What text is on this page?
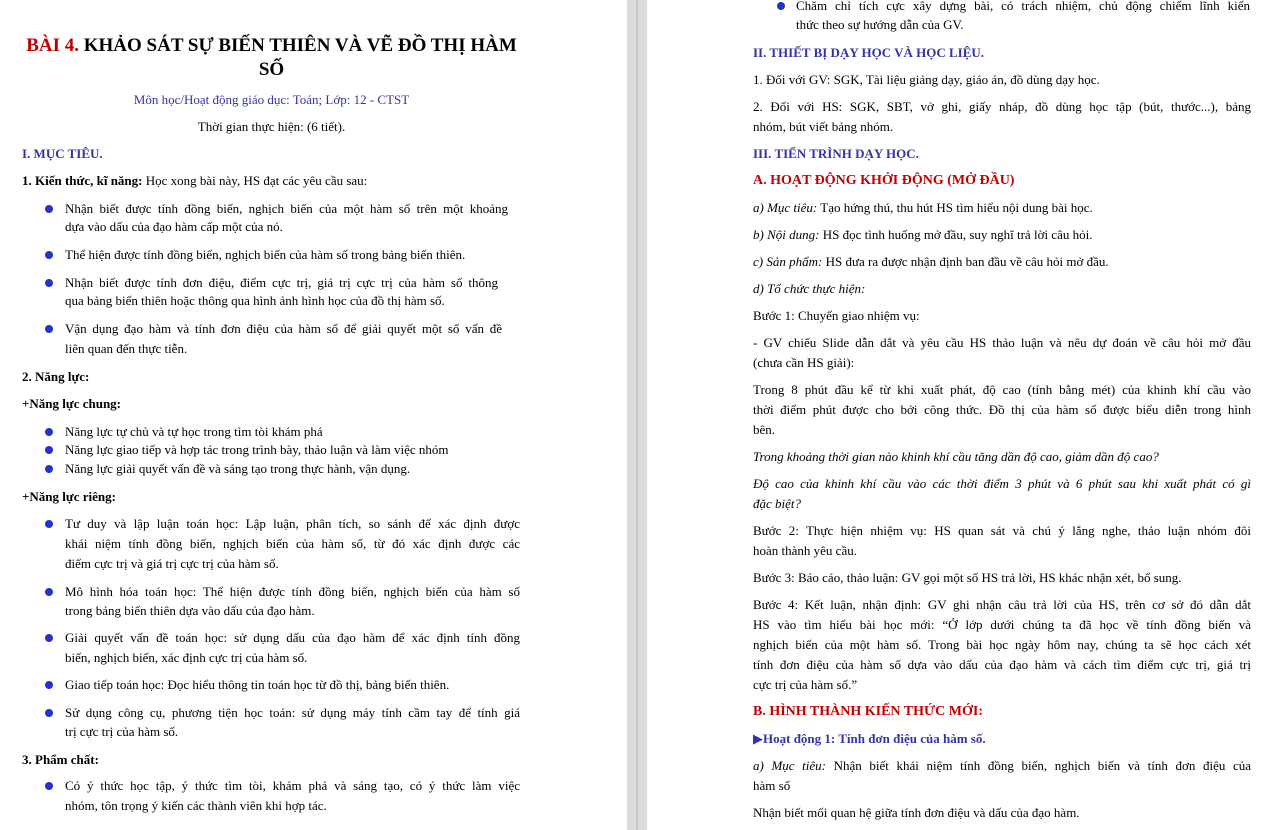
BÀI 4. KHẢO SÁT SỰ BIẾN THIÊN VÀ VẼ ĐỒ THỊ HÀM
SỐ
Môn học/Hoạt động giáo dục: Toán; Lớp: 12 - CTST
Thời gian thực hiện: (6 tiết).
I. MỤC TIÊU.
1. Kiến thức, kĩ năng: Học xong bài này, HS đạt các yêu cầu sau:
Nhận biết được tính đồng biến, nghịch biến của một hàm số trên một khoảng
dựa vào dấu của đạo hàm cấp một của nó.
Thể hiện được tính đồng biến, nghịch biến của hàm số trong bảng biến thiên.
Nhận biết được tính đơn điệu, điểm cực trị, giá trị cực trị của hàm số thông
qua bảng biến thiên hoặc thông qua hình ảnh hình học của đồ thị hàm số.
Vận dụng đạo hàm và tính đơn điệu của hàm số để giải quyết một số vấn đề
liên quan đến thực tiễn.
2. Năng lực:
+Năng lực chung:
Năng lực tự chủ và tự học trong tìm tòi khám phá
Năng lực giao tiếp và hợp tác trong trình bày, thảo luận và làm việc nhóm
Năng lực giải quyết vấn đề và sáng tạo trong thực hành, vận dụng.
+Năng lực riêng:
Tư duy và lập luận toán học: Lập luận, phân tích, so sánh để xác định được
khái niệm tính đồng biến, nghịch biến của hàm số, từ đó xác định được các
điểm cực trị và giá trị cực trị của hàm số.
Mô hình hóa toán học: Thể hiện được tính đồng biến, nghịch biến của hàm số
trong bảng biến thiên dựa vào dấu của đạo hàm.
Giải quyết vấn đề toán học: sử dụng dấu của đạo hàm để xác định tính đồng
biến, nghịch biến, xác định cực trị của hàm số.
Giao tiếp toán học: Đọc hiểu thông tin toán học từ đồ thị, bảng biến thiên.
Sử dụng công cụ, phương tiện học toán: sử dụng máy tính cầm tay để tính giá
trị cực trị của hàm số.
3. Phẩm chất:
Có ý thức học tập, ý thức tìm tòi, khám phá và sáng tạo, có ý thức làm việc
nhóm, tôn trọng ý kiến các thành viên khi hợp tác.
Chăm chỉ tích cực xây dựng bài, có trách nhiệm, chủ động chiếm lĩnh kiến
thức theo sự hướng dẫn của GV.
II. THIẾT BỊ DẠY HỌC VÀ HỌC LIỆU.
1. Đối với GV: SGK, Tài liệu giảng dạy, giáo án, đồ dùng dạy học.
2. Đối với HS: SGK, SBT, vở ghi, giấy nháp, đồ dùng học tập (bút, thước...), bảng
nhóm, bút viết bảng nhóm.
III. TIẾN TRÌNH DẠY HỌC.
A. HOẠT ĐỘNG KHỞI ĐỘNG (MỞ ĐẦU)
a) Mục tiêu: Tạo hứng thú, thu hút HS tìm hiểu nội dung bài học.
b) Nội dung: HS đọc tình huống mở đầu, suy nghĩ trả lời câu hỏi.
c) Sản phẩm: HS đưa ra được nhận định ban đầu về câu hỏi mở đầu.
d) Tổ chức thực hiện:
Bước 1: Chuyển giao nhiệm vụ:
- GV chiếu Slide dẫn dắt và yêu cầu HS thảo luận và nêu dự đoán về câu hỏi mở đầu
(chưa cần HS giải):
Trong 8 phút đầu kể từ khi xuất phát, độ cao (tính bằng mét) của khinh khí cầu vào
thời điểm phút được cho bởi công thức. Đồ thị của hàm số được biểu diễn trong hình
bên.
Trong khoảng thời gian nào khinh khí cầu tăng dần độ cao, giảm dần độ cao?
Độ cao của khinh khí cầu vào các thời điểm 3 phút và 6 phút sau khi xuất phát có gì
đặc biệt?
Bước 2: Thực hiện nhiệm vụ: HS quan sát và chú ý lắng nghe, thảo luận nhóm đôi
hoàn thành yêu cầu.
Bước 3: Báo cáo, thảo luận: GV gọi một số HS trả lời, HS khác nhận xét, bổ sung.
Bước 4: Kết luận, nhận định: GV ghi nhận câu trả lời của HS, trên cơ sở đó dẫn dắt
HS vào tìm hiểu bài học mới: “Ở lớp dưới chúng ta đã học về tính đồng biến và
nghịch biến của một hàm số. Trong bài học ngày hôm nay, chúng ta sẽ học cách xét
tính đơn điệu của hàm số dựa vào dấu của đạo hàm và cách tìm điểm cực trị, giá trị
cực trị của hàm số.”
B. HÌNH THÀNH KIẾN THỨC MỚI:
▶Hoạt động 1: Tính đơn điệu của hàm số.
a) Mục tiêu: Nhận biết khái niệm tính đồng biến, nghịch biến và tính đơn điệu của
hàm số
Nhận biết mối quan hệ giữa tính đơn điệu và dấu của đạo hàm.
